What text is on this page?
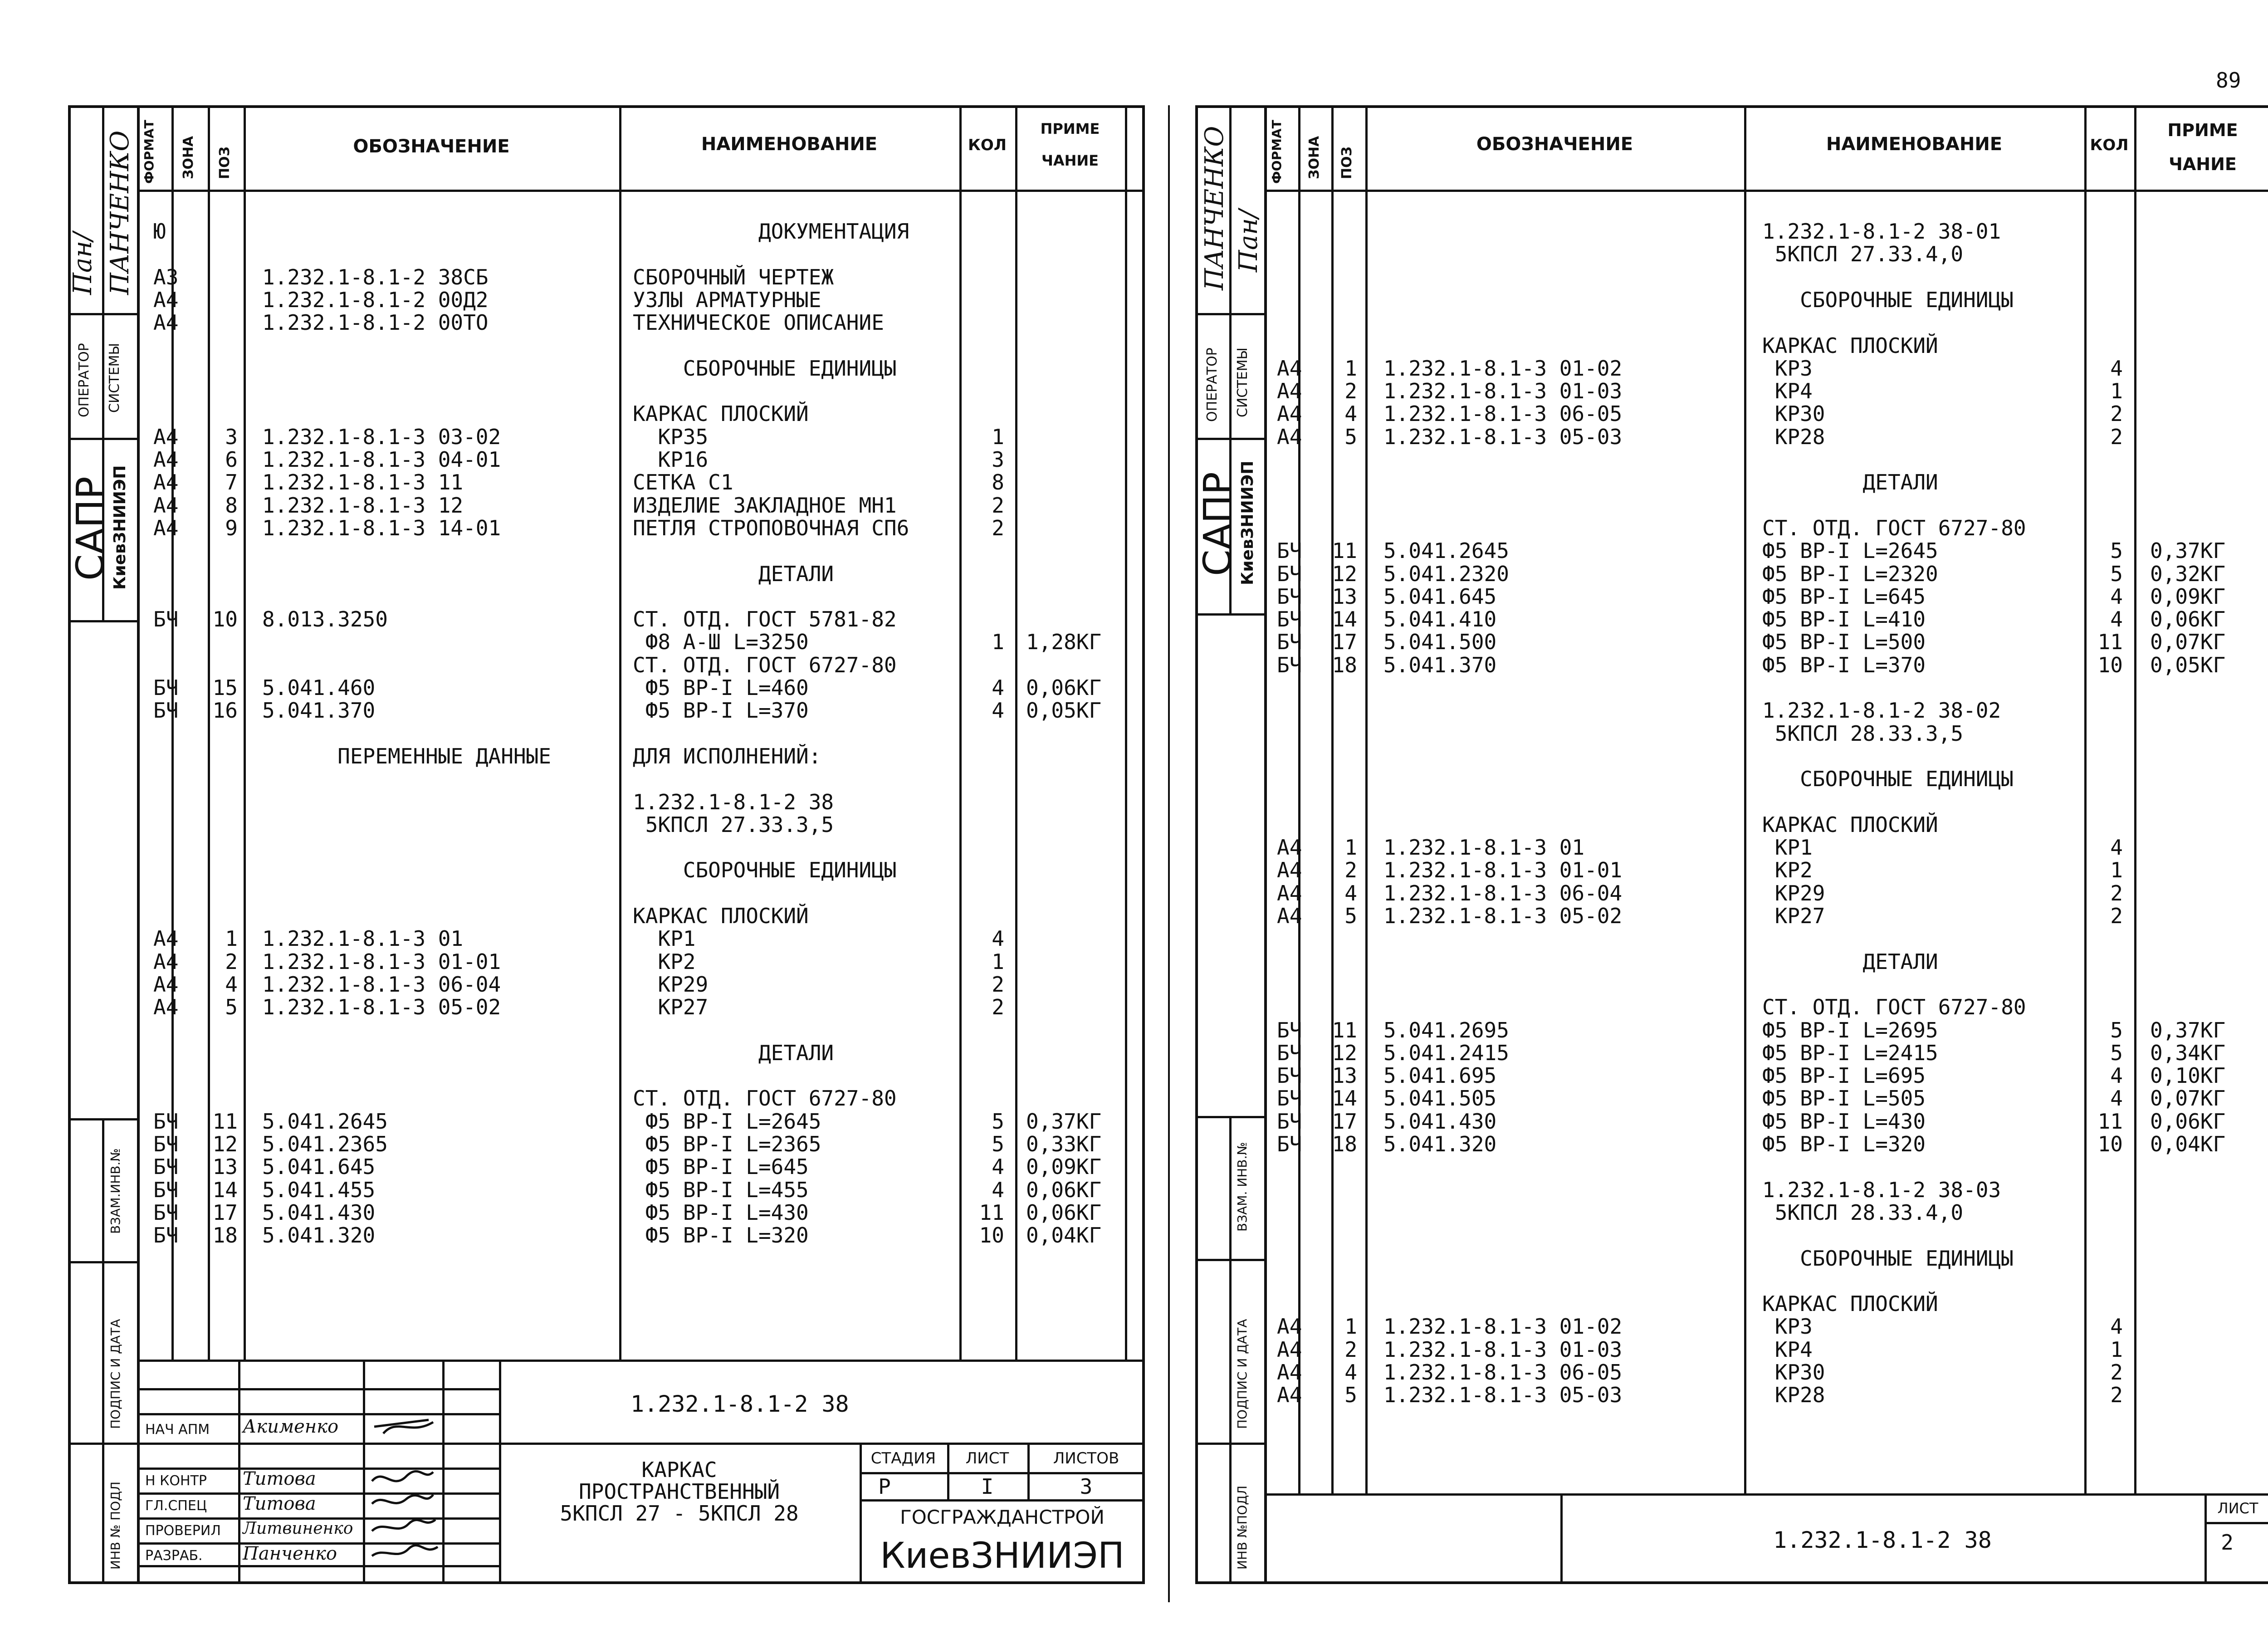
89
ПАНЧЕНКО
Пан/
ОПЕРАТОР СИСТЕМЫ
САПР
КиевЗНИИЭП
ВЗАМ.ИНВ.№
ПОДПИС И ДАТА
ИНВ № ПОДЛ
ФОРМАТ ЗОНА ПОЗ
ОБОЗНАЧЕНИЕ	НАИМЕНОВАНИЕ	КОЛ
ПРИМЕ
ЧАНИЕ
Ю	ДОКУМЕНТАЦИЯ
А3	1.232.1-8.1-2 38СБ	СБОРОЧНЫЙ ЧЕРТЕЖ
А4	1.232.1-8.1-2 00Д2	УЗЛЫ АРМАТУРНЫЕ
А4	1.232.1-8.1-2 00ТО	ТЕХНИЧЕСКОЕ ОПИСАНИЕ
СБОРОЧНЫЕ ЕДИНИЦЫ
КАРКАС ПЛОСКИЙ
А4	3 1.232.1-8.1-3 03-02	КР35	1
А4	6 1.232.1-8.1-3 04-01	КР16	3
А4	7 1.232.1-8.1-3 11	СЕТКА С1	8
А4	8 1.232.1-8.1-3 12	ИЗДЕЛИЕ ЗАКЛАДНОЕ МН1	2
А4	9 1.232.1-8.1-3 14-01	ПЕТЛЯ СТРОПОВОЧНАЯ СП6	2
ДЕТАЛИ
БЧ 10 8.013.3250	СТ. ОТД. ГОСТ 5781-82
Ф8 А-Ш L=3250	1 1,28КГ
СТ. ОТД. ГОСТ 6727-80
БЧ 15 5.041.460	Ф5 ВР-I L=460	4 0,06КГ
БЧ 16 5.041.370	Ф5 ВР-I L=370	4 0,05КГ
ПЕРЕМЕННЫЕ ДАННЫЕ	ДЛЯ ИСПОЛНЕНИЙ:
1.232.1-8.1-2 38
5КПСЛ 27.33.3,5
СБОРОЧНЫЕ ЕДИНИЦЫ
КАРКАС ПЛОСКИЙ
А4	1 1.232.1-8.1-3 01	КР1	4
А4	2 1.232.1-8.1-3 01-01	КР2	1
А4	4 1.232.1-8.1-3 06-04	КР29	2
А4	5 1.232.1-8.1-3 05-02	КР27	2
ДЕТАЛИ
СТ. ОТД. ГОСТ 6727-80
БЧ 11 5.041.2645	Ф5 ВР-I L=2645	5 0,37КГ
БЧ 12 5.041.2365	Ф5 ВР-I L=2365	5 0,33КГ
БЧ 13 5.041.645	Ф5 ВР-I L=645	4 0,09КГ
БЧ 14 5.041.455	Ф5 ВР-I L=455	4 0,06КГ
БЧ 17 5.041.430	Ф5 ВР-I L=430	11 0,06КГ
БЧ 18 5.041.320	Ф5 ВР-I L=320	10 0,04КГ
1.232.1-8.1-2 38
НАЧ АПМ
Н КОНТР
ГЛ.СПЕЦ
ПРОВЕРИЛ
РАЗРАБ.
Акименко
Титова
Титова
Литвиненко
Панченко
КАРКАС
ПРОСТРАНСТВЕННЫЙ
5КПСЛ 27 - 5КПСЛ 28
СТАДИЯ	ЛИСТ	ЛИСТОВ
Р	I	3
ГОСГРАЖДАНСТРОЙ
КиевЗНИИЭП
ПАНЧЕНКО Пан/
ОПЕРАТОР СИСТЕМЫ
САПР
КиевЗНИИЭП
ВЗАМ. ИНВ.№
ПОДПИС И ДАТА
ИНВ №ПОДЛ
ФОРМАТ ЗОНА ПОЗ
ОБОЗНАЧЕНИЕ	НАИМЕНОВАНИЕ	КОЛ
ПРИМЕ
ЧАНИЕ
1.232.1-8.1-2 38-01
5КПСЛ 27.33.4,0
СБОРОЧНЫЕ ЕДИНИЦЫ
КАРКАС ПЛОСКИЙ
А4	1 1.232.1-8.1-3 01-02	КР3	4
А4	2 1.232.1-8.1-3 01-03	КР4	1
А4	4 1.232.1-8.1-3 06-05	КР30	2
А4	5 1.232.1-8.1-3 05-03	КР28	2
ДЕТАЛИ
СТ. ОТД. ГОСТ 6727-80
БЧ 11 5.041.2645	Ф5 ВР-I L=2645	5 0,37КГ
БЧ 12 5.041.2320	Ф5 ВР-I L=2320	5 0,32КГ
БЧ 13 5.041.645	Ф5 ВР-I L=645	4 0,09КГ
БЧ 14 5.041.410	Ф5 ВР-I L=410	4 0,06КГ
БЧ 17 5.041.500	Ф5 ВР-I L=500	11 0,07КГ
БЧ 18 5.041.370	Ф5 ВР-I L=370	10 0,05КГ
1.232.1-8.1-2 38-02
5КПСЛ 28.33.3,5
СБОРОЧНЫЕ ЕДИНИЦЫ
КАРКАС ПЛОСКИЙ
А4	1 1.232.1-8.1-3 01	КР1	4
А4	2 1.232.1-8.1-3 01-01	КР2	1
А4	4 1.232.1-8.1-3 06-04	КР29	2
А4	5 1.232.1-8.1-3 05-02	КР27	2
ДЕТАЛИ
СТ. ОТД. ГОСТ 6727-80
БЧ 11 5.041.2695	Ф5 ВР-I L=2695	5 0,37КГ
БЧ 12 5.041.2415	Ф5 ВР-I L=2415	5 0,34КГ
БЧ 13 5.041.695	Ф5 ВР-I L=695	4 0,10КГ
БЧ 14 5.041.505	Ф5 ВР-I L=505	4 0,07КГ
БЧ 17 5.041.430	Ф5 ВР-I L=430	11 0,06КГ
БЧ 18 5.041.320	Ф5 ВР-I L=320	10 0,04КГ
1.232.1-8.1-2 38-03
5КПСЛ 28.33.4,0
СБОРОЧНЫЕ ЕДИНИЦЫ
КАРКАС ПЛОСКИЙ
А4	1 1.232.1-8.1-3 01-02	КР3	4
А4	2 1.232.1-8.1-3 01-03	КР4	1
А4	4 1.232.1-8.1-3 06-05	КР30	2
А4	5 1.232.1-8.1-3 05-03	КР28	2
ЛИСТ
1.232.1-8.1-2 38	2
